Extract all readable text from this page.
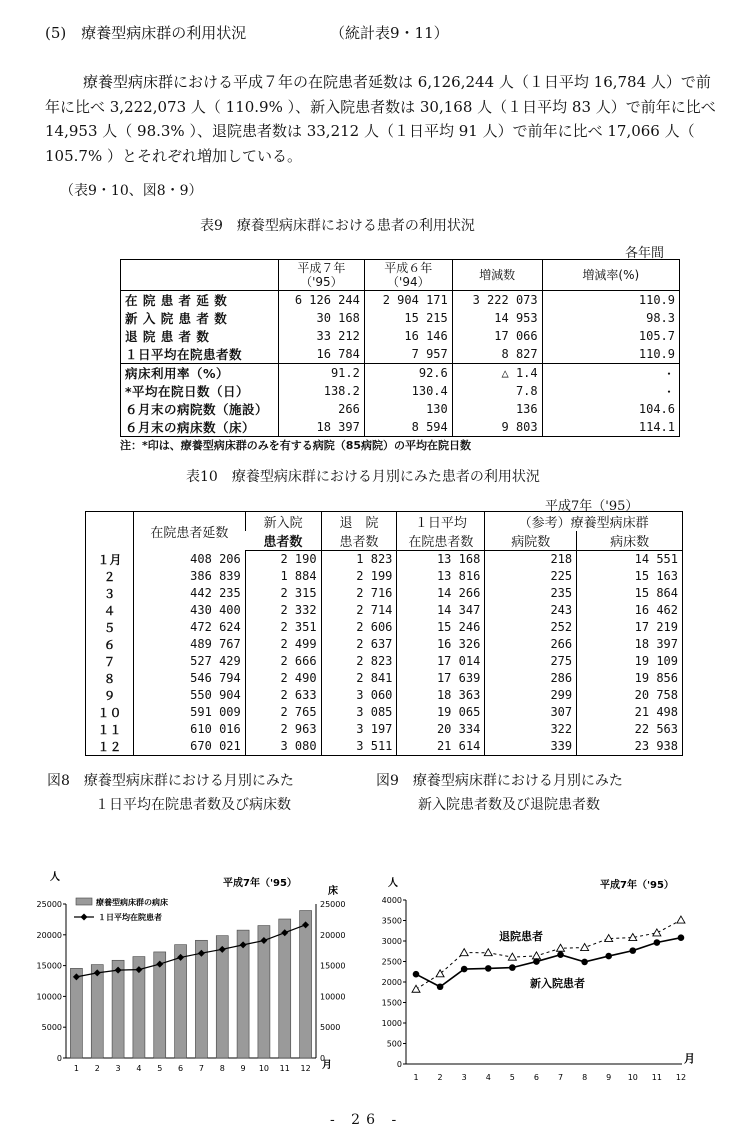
(5)　療養型病床群の利用状況	（統計表9・11）
療養型病床群における平成７年の在院患者延数は 6,126,244 人（１日平均 16,784 人）で前年に比べ 3,222,073 人（ 110.9% ）、新入院患者数は 30,168 人（１日平均 83 人）で前年に比べ 14,953 人（ 98.3% ）、退院患者数は 33,212 人（１日平均 91 人）で前年に比べ 17,066 人（ 105.7% ）とそれぞれ増加している。
（表9・10、図8・9）
表9　療養型病床群における患者の利用状況
各年間
	平成７年
（'95）	平成６年
（'94）	増減数	増減率(%)
在 院 患 者 延 数	6 126 244	2 904 171	3 222 073	110.9
新 入 院 患 者 数	30 168	15 215	14 953	98.3
退 院 患 者 数	33 212	16 146	17 066	105.7
１日平均在院患者数	16 784	7 957	8 827	110.9
病床利用率（%）	91.2	92.6	△ 1.4	・
*平均在院日数（日）	138.2	130.4	7.8	・
６月末の病院数（施設）	266	130	136	104.6
６月末の病床数（床）	18 397	8 594	9 803	114.1
注：*印は、療養型病床群のみを有する病院（85病院）の平均在院日数
表10　療養型病床群における月別にみた患者の利用状況
平成7年（'95）
	在院患者延数	新入院	退　院	１日平均	（参考）療養型病床群	
		患者数	患者数	在院患者数	病院数	病床数
１月	408 206	2 190	1 823	13 168	218	14 551
２	386 839	1 884	2 199	13 816	225	15 163
３	442 235	2 315	2 716	14 266	235	15 864
４	430 400	2 332	2 714	14 347	243	16 462
５	472 624	2 351	2 606	15 246	252	17 219
６	489 767	2 499	2 637	16 326	266	18 397
７	527 429	2 666	2 823	17 014	275	19 109
８	546 794	2 490	2 841	17 639	286	19 856
９	550 904	2 633	3 060	18 363	299	20 758
１０	591 009	2 765	3 085	19 065	307	21 498
１１	610 016	2 963	3 197	20 334	322	22 563
１２	670 021	3 080	3 511	21 614	339	23 938
図8　療養型病床群における月別にみた
１日平均在院患者数及び病床数
図9　療養型病床群における月別にみた
新入院患者数及び退院患者数
平成7年（'95）
人
床
0	0
5000	5000
10000	10000
15000	15000
20000	20000
25000	25000
1 2 3 4 5 6 7 8 9 10 11 12 月
療養型病床群の病床
１日平均在院患者
平成7年（'95）
人
0
500
1000
1500
2000
2500
3000
3500
4000
1 2 3 4 5 6 7 8 9 10 11 12
月
退院患者
新入院患者
- 26 -
